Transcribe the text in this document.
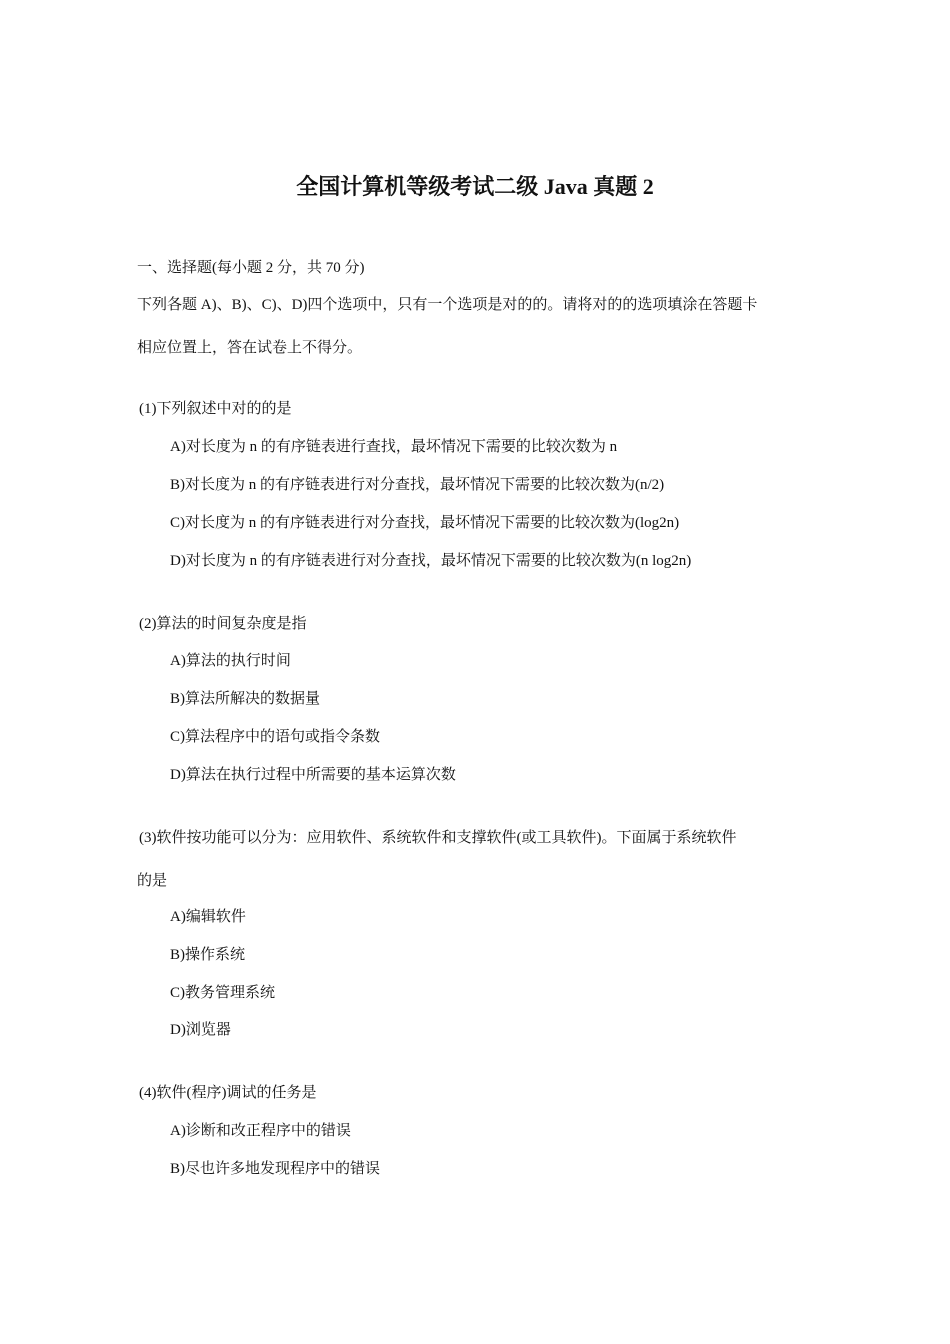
全国计算机等级考试二级 Java 真题 2
一、选择题(每小题 2 分，共 70 分)
下列各题 A)、B)、C)、D)四个选项中，只有一个选项是对的的。请将对的的选项填涂在答题卡
相应位置上，答在试卷上不得分。
(1)下列叙述中对的的是
A)对长度为 n 的有序链表进行查找，最坏情况下需要的比较次数为 n
B)对长度为 n 的有序链表进行对分查找，最坏情况下需要的比较次数为(n/2)
C)对长度为 n 的有序链表进行对分查找，最坏情况下需要的比较次数为(log2n)
D)对长度为 n 的有序链表进行对分查找，最坏情况下需要的比较次数为(n log2n)
(2)算法的时间复杂度是指
A)算法的执行时间
B)算法所解决的数据量
C)算法程序中的语句或指令条数
D)算法在执行过程中所需要的基本运算次数
(3)软件按功能可以分为：应用软件、系统软件和支撑软件(或工具软件)。下面属于系统软件
的是
A)编辑软件
B)操作系统
C)教务管理系统
D)浏览器
(4)软件(程序)调试的任务是
A)诊断和改正程序中的错误
B)尽也许多地发现程序中的错误
